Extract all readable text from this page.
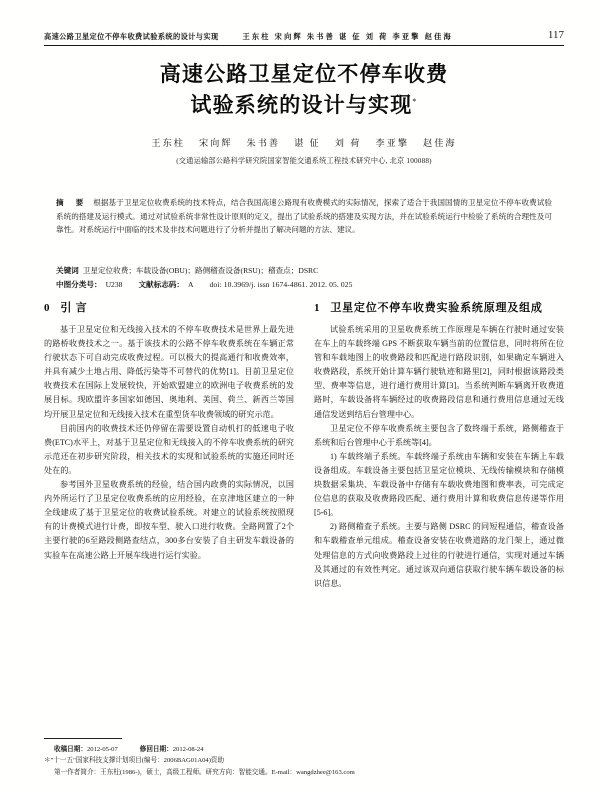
高速公路卫星定位不停车收费试验系统的设计与实现	王东柱 宋向辉 朱书善 谌 佂 刘 荷 李亚擎 赵佳海	117
高速公路卫星定位不停车收费
试验系统的设计与实现*
王东柱 宋向辉 朱书善 谌 佂 刘 荷 李亚擎 赵佳海
(交通运输部公路科学研究院国家智能交通系统工程技术研究中心, 北京 100088)
摘 要 根据基于卫星定位收费系统的技术特点，结合我国高速公路现有收费模式的实际情况，探索了适合于我国国情的卫星定位不停车收费试验系统的搭建及运行模式。通过对试验系统非常性设计原则的定义，提出了试验系统的搭建及实现方法，并在试验系统运行中检验了系统的合理性及可靠性。对系统运行中面临的技术及非技术问题进行了分析并提出了解决问题的方法、建议。
关键词 卫星定位收费；车载设备(OBU)；路侧稽查设备(RSU)；稽查点；DSRC
中图分类号： U238 文献标志码： A doi: 10.3969/j. issn 1674-4861. 2012. 05. 025
0 引 言

基于卫星定位和无线接入技术的不停车收费技术是世界上最先进的路桥收费技术之一。基于该技术的公路不停车收费系统在车辆正常行驶状态下可自动完成收费过程。可以极大的提高通行和收费效率，并具有减少土地占用、降低污染等不可替代的优势[1]。目前卫星定位收费技术在国际上发展较快，开始欧盟建立的欧洲电子收费系统的发展目标。现欧盟许多国家如德国、奥地利、美国、荷兰、新西兰等国均开展卫星定位和无线接入技术在重型货车收费领域的研究示范。

目前国内的收费技术还仍停留在需要设置自动机打的低速电子收费(ETC)水平上，对基于卫星定位和无线接入的不停车收费系统的研究示范还在初步研究阶段，相关技术的实现和试验系统的实施还同时还处在的。

参考国外卫星收费系统的经验，结合国内政费的实际情况，以国内外所运行了卫星定位收费系统的应用经验，在京津地区建立的一种全线建成了基于卫星定位的收费试验系统。对建立的试验系统按照现有的计费模式进行计费，即按车型、驶入口进行收费。全路网置了2个主要行驶的6至路段侧路查结点，300多台安装了自主研发车载设备的实验车在高速公路上开展车线进行运行实验。

1 卫星定位不停车收费实验系统原理及组成

试验系统采用的卫星收费系统工作原理是车辆在行驶时通过安装在车上的车载终端 GPS 不断获取车辆当前的位置信息，同时将所在位管和车载地图上的收费路段和匹配进行路段识别，如果确定车辆进入收费路段，系统开始计算车辆行驶轨迹和路里[2]，同时根据该路段类型、费率等信息，进行通行费用计算[3]。当系统判断车辆离开收费道路时，车载设备将车辆经过的收费路段信息和通行费用信息通过无线通信发送到结后台管理中心。

卫星定位不停车收费系统主要包含了数终端于系统，路侧稽查于系统和后台管理中心于系统等[4]。

1) 车载终端子系统。车载终端子系统由车辆和安装在车辆上车载设备组成。车载设备主要包括卫星定位模块、无线传输模块和存储模块数据采集块、车载设备中存储有车载收费地图和费率表，可完成定位信息的获取及收费路段匹配、通行费用计算和收费信息传递等作用[5-6]。

2) 路侧稽查子系统。主要与路侧 DSRC 的同短程通信，稽查设备和车载稽查单元组成。稽查设备安装在收费道路的龙门架上，通过微处理信息的方式向收费路段上过往的行驶进行通信，实现对通过车辆及其通过的有效性判定。通过该双向通信获取行驶车辆车载设备的标识信息。

收稿日期：2012-05-07	修回日期：2012-08-24
＊"十一五"国家科技支撑计划项目(编号：2006BAG01A04)资助
第一作者简介：王东柱(1986-)，硕士，高级工程师。研究方向：智能交通。E-mail：wangdzhee@163.com
